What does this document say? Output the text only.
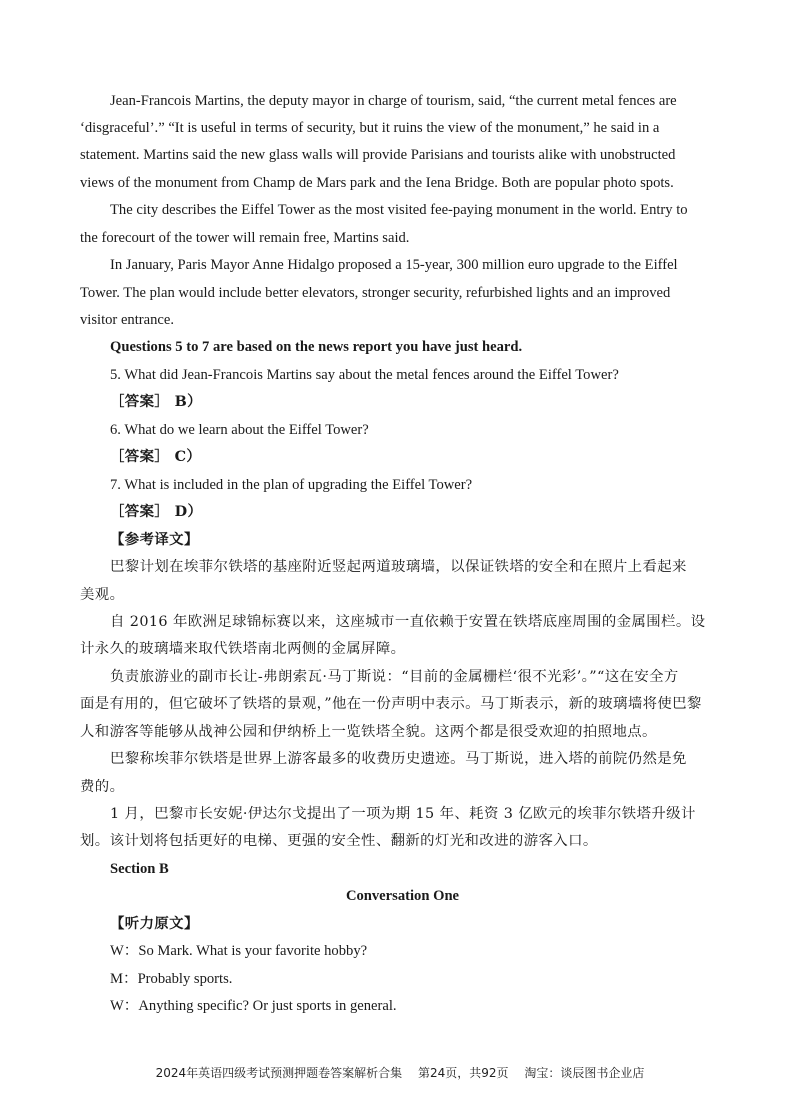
Jean-Francois Martins, the deputy mayor in charge of tourism, said, “the current metal fences are
‘disgraceful’.” “It is useful in terms of security, but it ruins the view of the monument,” he said in a
statement. Martins said the new glass walls will provide Parisians and tourists alike with unobstructed
views of the monument from Champ de Mars park and the Iena Bridge. Both are popular photo spots.
The city describes the Eiffel Tower as the most visited fee-paying monument in the world. Entry to
the forecourt of the tower will remain free, Martins said.
In January, Paris Mayor Anne Hidalgo proposed a 15-year, 300 million euro upgrade to the Eiffel
Tower. The plan would include better elevators, stronger security, refurbished lights and an improved
visitor entrance.
Questions 5 to 7 are based on the news report you have just heard.
5. What did Jean-Francois Martins say about the metal fences around the Eiffel Tower?
［答案］ B）
6. What do we learn about the Eiffel Tower?
［答案］ C）
7. What is included in the plan of upgrading the Eiffel Tower?
［答案］ D）
【参考译文】
巴黎计划在埃菲尔铁塔的基座附近竖起两道玻璃墙，以保证铁塔的安全和在照片上看起来
美观。
自 2016 年欧洲足球锦标赛以来，这座城市一直依赖于安置在铁塔底座周围的金属围栏。设
计永久的玻璃墙来取代铁塔南北两侧的金属屏障。
负责旅游业的副市长让-弗朗索瓦·马丁斯说：“目前的金属栅栏‘很不光彩’。”“这在安全方
面是有用的，但它破坏了铁塔的景观，”他在一份声明中表示。马丁斯表示，新的玻璃墙将使巴黎
人和游客等能够从战神公园和伊纳桥上一览铁塔全貌。这两个都是很受欢迎的拍照地点。
巴黎称埃菲尔铁塔是世界上游客最多的收费历史遗迹。马丁斯说，进入塔的前院仍然是免
费的。
1 月，巴黎市长安妮·伊达尔戈提出了一项为期 15 年、耗资 3 亿欧元的埃菲尔铁塔升级计
划。该计划将包括更好的电梯、更强的安全性、翻新的灯光和改进的游客入口。
Section B
Conversation One
【听力原文】
W：So Mark. What is your favorite hobby?
M：Probably sports.
W：Anything specific? Or just sports in general.
2024年英语四级考试预测押题卷答案解析合集 第24页，共92页 淘宝：谈辰图书企业店
